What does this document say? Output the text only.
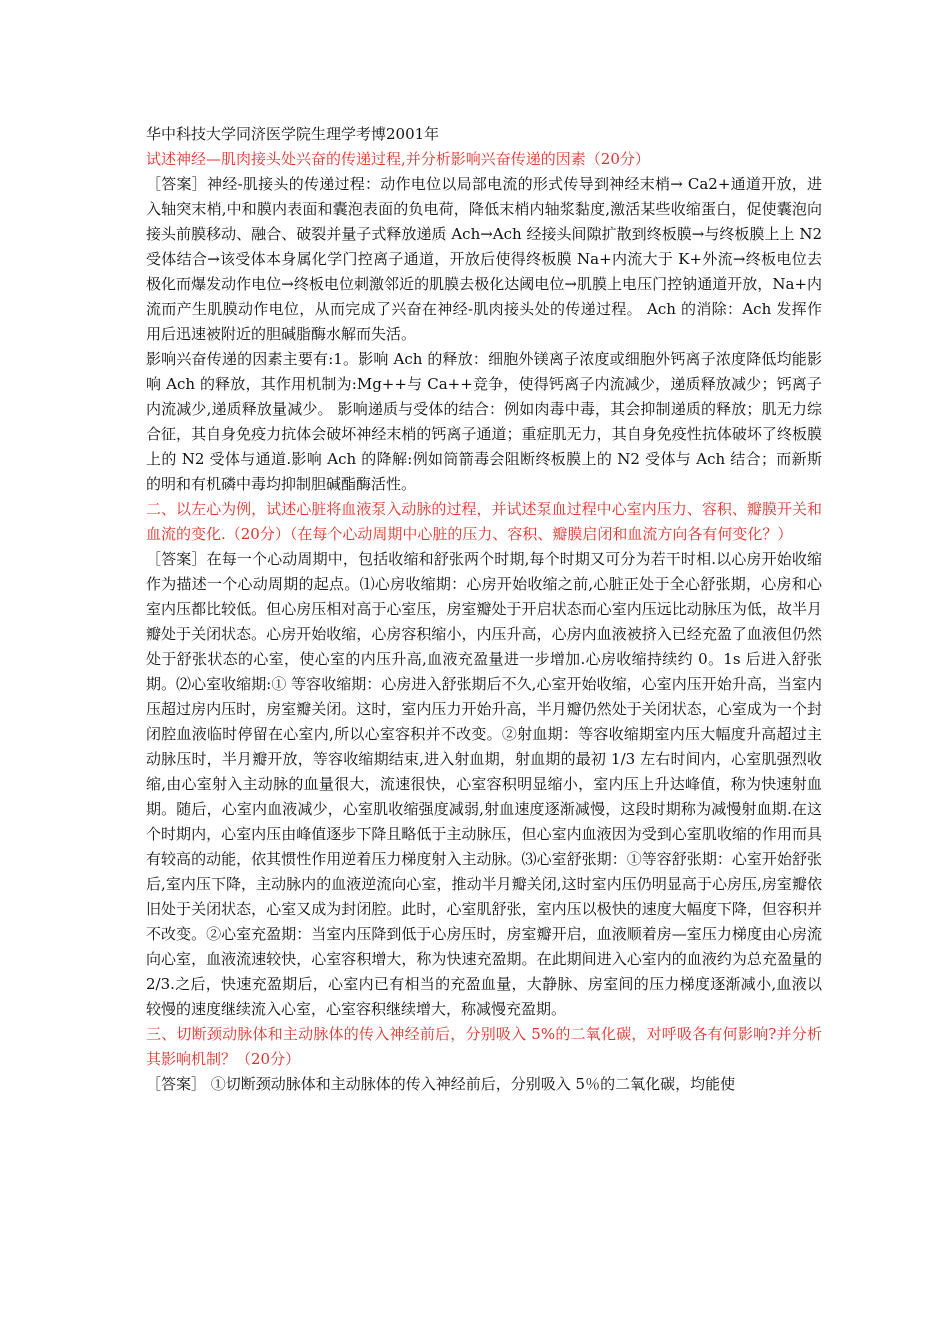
华中科技大学同济医学院生理学考博2001年

试述神经—肌肉接头处兴奋的传递过程,并分析影响兴奋传递的因素（20分）

［答案］神经-肌接头的传递过程：动作电位以局部电流的形式传导到神经末梢→ Ca2+通道开放，进入轴突末梢,中和膜内表面和囊泡表面的负电荷，降低末梢内轴浆黏度,激活某些收缩蛋白，促使囊泡向接头前膜移动、融合、破裂并量子式释放递质 Ach→Ach 经接头间隙扩散到终板膜→与终板膜上上 N2 受体结合→该受体本身属化学门控离子通道，开放后使得终板膜 Na+内流大于 K+外流→终板电位去极化而爆发动作电位→终板电位刺激邻近的肌膜去极化达阈电位→肌膜上电压门控钠通道开放，Na+内流而产生肌膜动作电位，从而完成了兴奋在神经-肌肉接头处的传递过程。 Ach 的消除：Ach 发挥作用后迅速被附近的胆碱脂酶水解而失活。

影响兴奋传递的因素主要有:1。影响 Ach 的释放：细胞外镁离子浓度或细胞外钙离子浓度降低均能影响 Ach 的释放，其作用机制为:Mg++与 Ca++竞争，使得钙离子内流减少，递质释放减少；钙离子内流减少,递质释放量减少。 影响递质与受体的结合：例如肉毒中毒，其会抑制递质的释放；肌无力综合征，其自身免疫力抗体会破坏神经末梢的钙离子通道；重症肌无力，其自身免疫性抗体破坏了终板膜上的 N2 受体与通道.影响 Ach 的降解:例如筒箭毒会阻断终板膜上的 N2 受体与 Ach 结合；而新斯的明和有机磷中毒均抑制胆碱酯酶活性。

二、以左心为例，试述心脏将血液泵入动脉的过程，并试述泵血过程中心室内压力、容积、瓣膜开关和血流的变化.（20分）（在每个心动周期中心脏的压力、容积、瓣膜启闭和血流方向各有何变化？）

［答案］在每一个心动周期中，包括收缩和舒张两个时期,每个时期又可分为若干时相.以心房开始收缩作为描述一个心动周期的起点。⑴心房收缩期：心房开始收缩之前,心脏正处于全心舒张期，心房和心室内压都比较低。但心房压相对高于心室压，房室瓣处于开启状态而心室内压远比动脉压为低，故半月瓣处于关闭状态。心房开始收缩，心房容积缩小，内压升高，心房内血液被挤入已经充盈了血液但仍然处于舒张状态的心室，使心室的内压升高,血液充盈量进一步增加.心房收缩持续约 0。1s 后进入舒张期。⑵心室收缩期:① 等容收缩期：心房进入舒张期后不久,心室开始收缩，心室内压开始升高，当室内压超过房内压时，房室瓣关闭。这时，室内压力开始升高，半月瓣仍然处于关闭状态，心室成为一个封闭腔血液临时停留在心室内,所以心室容积并不改变。②射血期：等容收缩期室内压大幅度升高超过主动脉压时，半月瓣开放，等容收缩期结束,进入射血期，射血期的最初 1/3 左右时间内，心室肌强烈收缩,由心室射入主动脉的血量很大，流速很快，心室容积明显缩小，室内压上升达峰值，称为快速射血期。随后，心室内血液减少，心室肌收缩强度减弱,射血速度逐渐减慢，这段时期称为减慢射血期.在这个时期内，心室内压由峰值逐步下降且略低于主动脉压，但心室内血液因为受到心室肌收缩的作用而具有较高的动能，依其惯性作用逆着压力梯度射入主动脉。⑶心室舒张期：①等容舒张期：心室开始舒张后,室内压下降，主动脉内的血液逆流向心室，推动半月瓣关闭,这时室内压仍明显高于心房压,房室瓣依旧处于关闭状态，心室又成为封闭腔。此时，心室肌舒张，室内压以极快的速度大幅度下降，但容积并不改变。②心室充盈期：当室内压降到低于心房压时，房室瓣开启，血液顺着房—室压力梯度由心房流向心室，血液流速较快，心室容积增大，称为快速充盈期。在此期间进入心室内的血液约为总充盈量的 2/3.之后，快速充盈期后，心室内已有相当的充盈血量，大静脉、房室间的压力梯度逐渐减小,血液以较慢的速度继续流入心室，心室容积继续增大，称减慢充盈期。

三、切断颈动脉体和主动脉体的传入神经前后，分别吸入 5%的二氧化碳，对呼吸各有何影响?并分析其影响机制？（20分）

［答案］ ①切断颈动脉体和主动脉体的传入神经前后，分别吸入 5％的二氧化碳，均能使
